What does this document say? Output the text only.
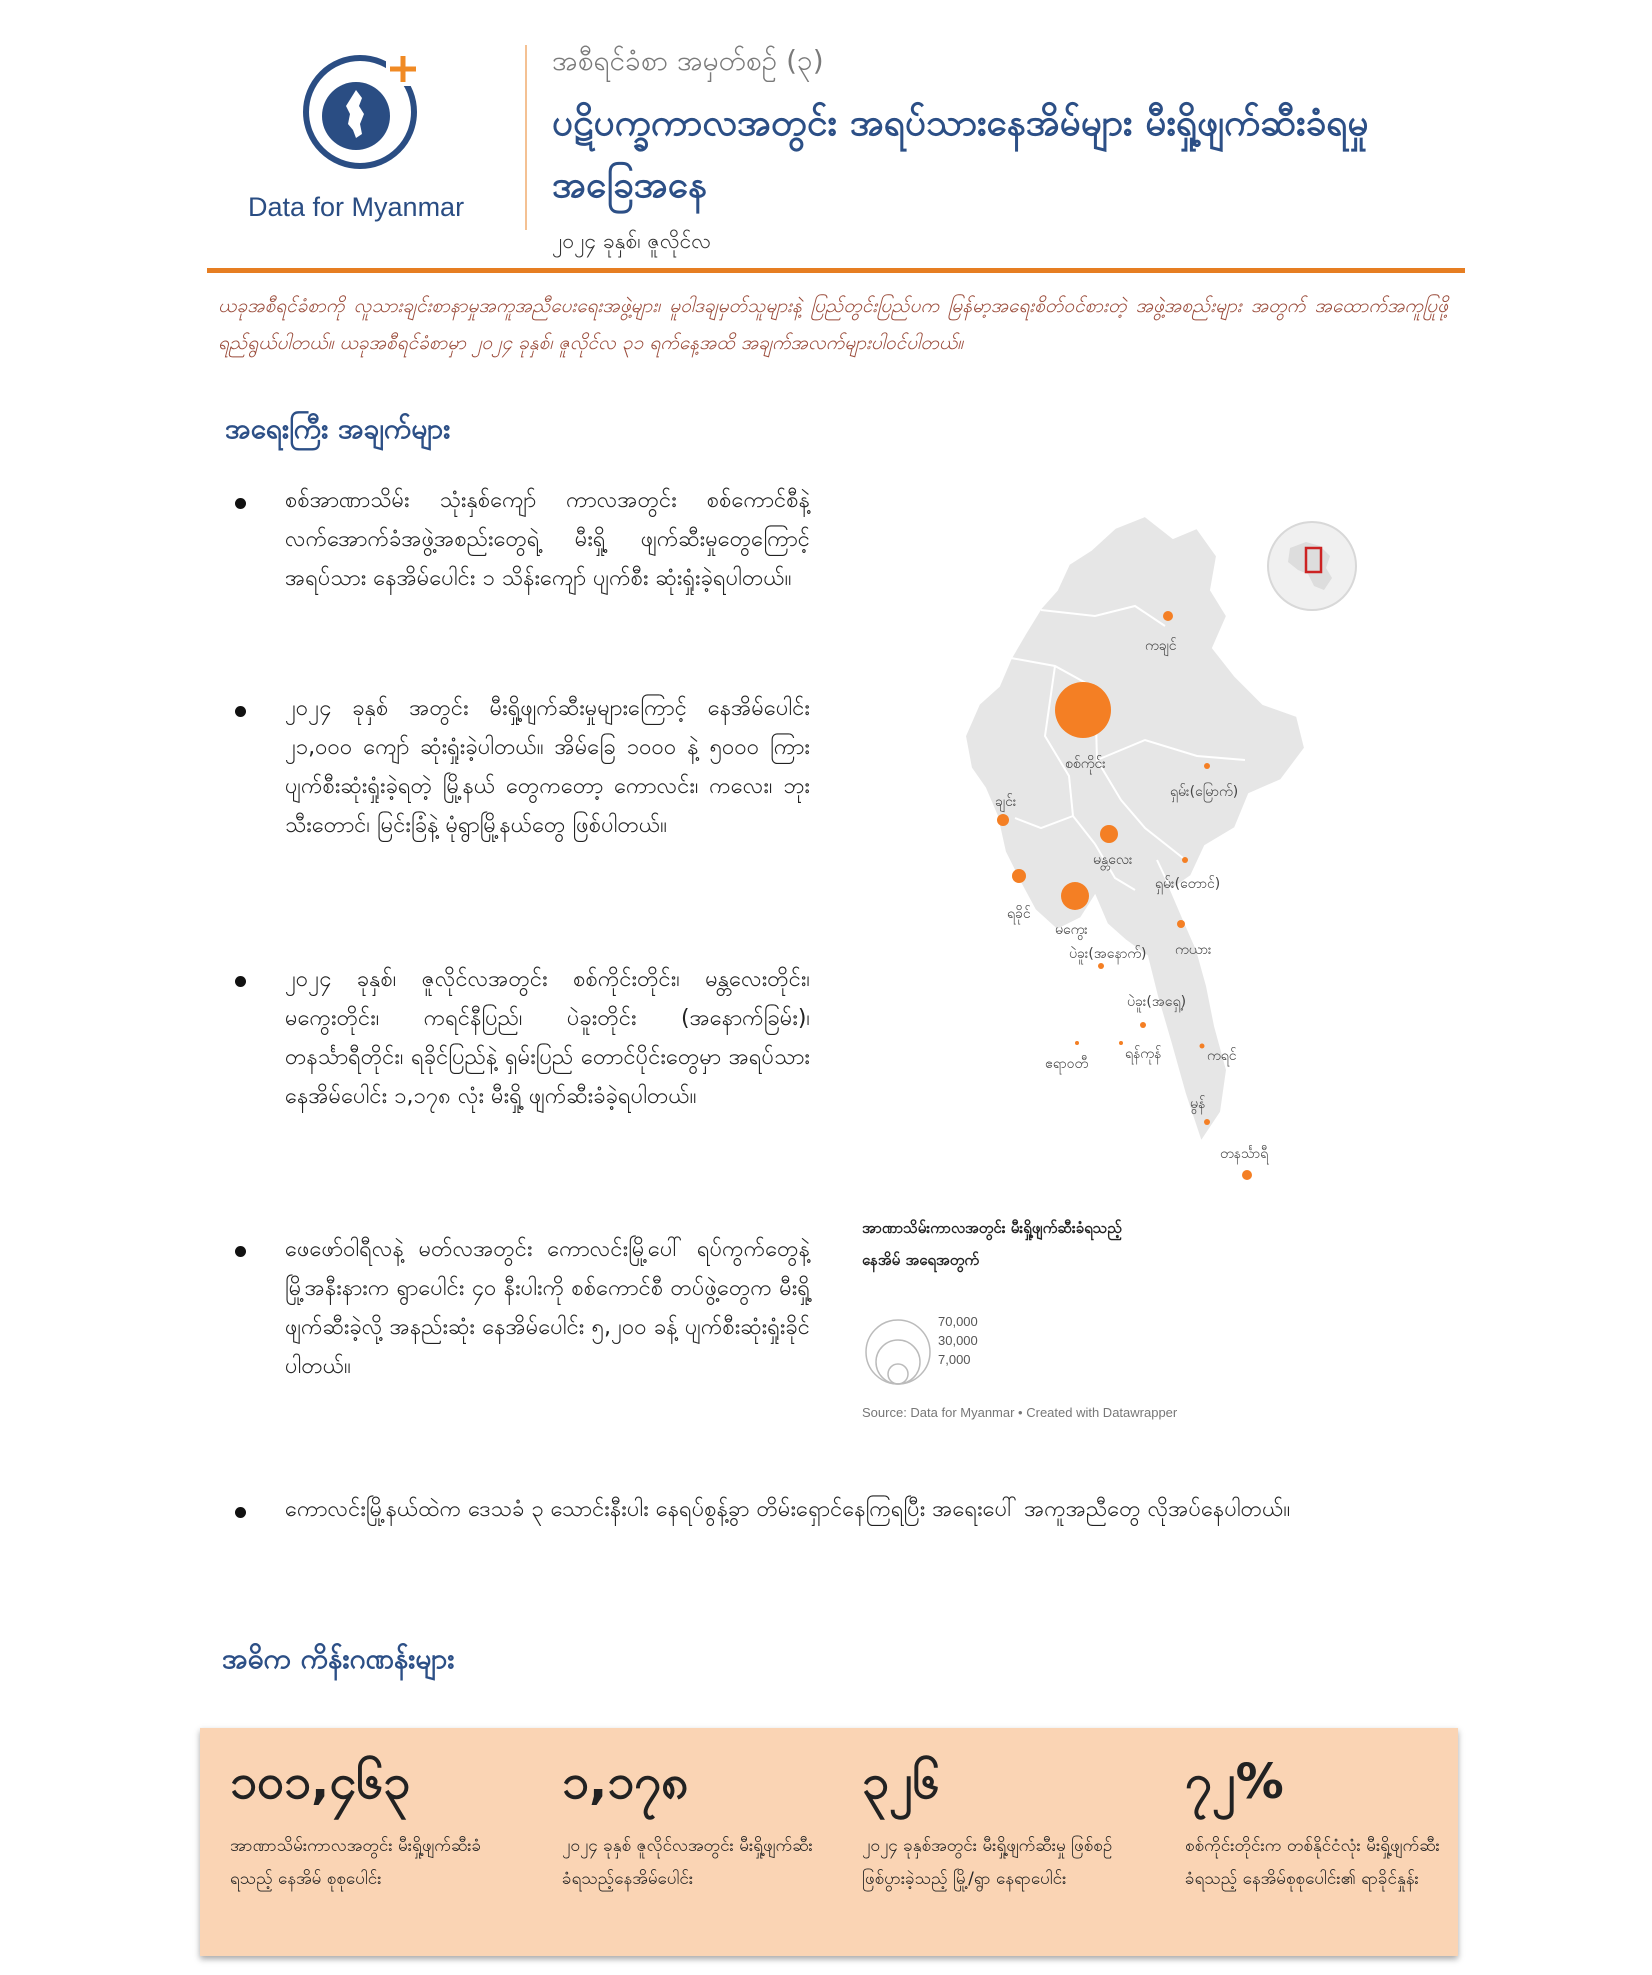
Data for Myanmar
အစီရင်ခံစာ အမှတ်စဉ် (၃)
ပဋိပက္ခကာလအတွင်း အရပ်သားနေအိမ်များ မီးရှို့ဖျက်ဆီးခံရမှု အခြေအနေ
၂၀၂၄ ခုနှစ်၊ ဇူလိုင်လ
ယခုအစီရင်ခံစာကို လူသားချင်းစာနာမှုအကူအညီပေးရေးအဖွဲ့များ၊ မူဝါဒချမှတ်သူများနဲ့ ပြည်တွင်းပြည်ပက မြန်မာ့အရေးစိတ်ဝင်စားတဲ့ အဖွဲ့အစည်းများ အတွက် အထောက်အကူပြုဖို့ ရည်ရွယ်ပါတယ်။ ယခုအစီရင်ခံစာမှာ ၂၀၂၄ ခုနှစ်၊ ဇူလိုင်လ ၃၁ ရက်နေ့အထိ အချက်အလက်များပါဝင်ပါတယ်။
အရေးကြီး အချက်များ
စစ်အာဏာသိမ်း သုံးနှစ်ကျော် ကာလအတွင်း စစ်ကောင်စီနဲ့ လက်အောက်ခံအဖွဲ့အစည်းတွေရဲ့ မီးရှို့ ဖျက်ဆီးမှုတွေကြောင့် အရပ်သား နေအိမ်ပေါင်း ၁ သိန်းကျော် ပျက်စီး ဆုံးရှုံးခဲ့ရပါတယ်။
၂၀၂၄ ခုနှစ် အတွင်း မီးရှို့ဖျက်ဆီးမှုများကြောင့် နေအိမ်ပေါင်း ၂၁,၀၀၀ ကျော် ဆုံးရှုံးခဲ့ပါတယ်။ အိမ်ခြေ ၁၀၀၀ နဲ့ ၅၀၀၀ ကြား ပျက်စီးဆုံးရှုံးခဲ့ရတဲ့ မြို့နယ် တွေကတော့ ကောလင်း၊ ကလေး၊ ဘုးသီးတောင်၊ မြင်းခြံနဲ့ မုံရွာမြို့နယ်တွေ ဖြစ်ပါတယ်။
၂၀၂၄ ခုနှစ်၊ ဇူလိုင်လအတွင်း စစ်ကိုင်းတိုင်း၊ မန္တလေးတိုင်း၊ မကွေးတိုင်း၊ ကရင်နီပြည်၊ ပဲခူးတိုင်း (အနောက်ခြမ်း)၊ တနင်္သာရီတိုင်း၊ ရခိုင်ပြည်နဲ့ ရှမ်းပြည် တောင်ပိုင်းတွေမှာ အရပ်သားနေအိမ်ပေါင်း ၁,၁၇၈ လုံး မီးရှို့ ဖျက်ဆီးခံခဲ့ရပါတယ်။
ဖေဖော်ဝါရီလနဲ့ မတ်လအတွင်း ကောလင်းမြို့ပေါ် ရပ်ကွက်တွေနဲ့ မြို့အနီးနားက ရွာပေါင်း ၄၀ နီးပါးကို စစ်ကောင်စီ တပ်ဖွဲ့တွေက မီးရှို့ဖျက်ဆီးခဲ့လို့ အနည်းဆုံး နေအိမ်ပေါင်း ၅,၂၀၀ ခန့် ပျက်စီးဆုံးရှုံးခိုင်ပါတယ်။
ကောလင်းမြို့နယ်ထဲက ဒေသခံ ၃ သောင်းနီးပါး နေရပ်စွန့်ခွာ တိမ်းရှောင်နေကြရပြီး အရေးပေါ် အကူအညီတွေ လိုအပ်နေပါတယ်။
ကချင်
စစ်ကိုင်း
ရှမ်း(မြောက်)
ချင်း
မန္တလေး
ရှမ်း(တောင်)
ရခိုင်
မကွေး
ကယား
ပဲခူး(အနောက်)
ပဲခူး(အရှေ့)
ဧရာဝတီ
ရန်ကုန်	ကရင်
မွန်
တနင်္သာရီ
အာဏာသိမ်းကာလအတွင်း မီးရှို့ဖျက်ဆီးခံရသည့် နေအိမ် အရေအတွက်
70,000
30,000
7,000
Source: Data for Myanmar • Created with Datawrapper
အဓိက ကိန်းဂဏန်းများ
၁၀၁,၄၆၃
အာဏာသိမ်းကာလအတွင်း မီးရှို့ဖျက်ဆီးခံရသည့် နေအိမ် စုစုပေါင်း
၁,၁၇၈
၂၀၂၄ ခုနှစ် ဇူလိုင်လအတွင်း မီးရှို့ဖျက်ဆီးခံရသည့်နေအိမ်ပေါင်း
၃၂၆
၂၀၂၄ ခုနှစ်အတွင်း မီးရှို့ဖျက်ဆီးမှု ဖြစ်စဉ် ဖြစ်ပွားခဲ့သည့် မြို့/ရွာ နေရာပေါင်း
၇၂%
စစ်ကိုင်းတိုင်းက တစ်နိုင်ငံလုံး မီးရှို့ဖျက်ဆီးခံရသည့် နေအိမ်စုစုပေါင်း၏ ရာခိုင်နှုန်း
